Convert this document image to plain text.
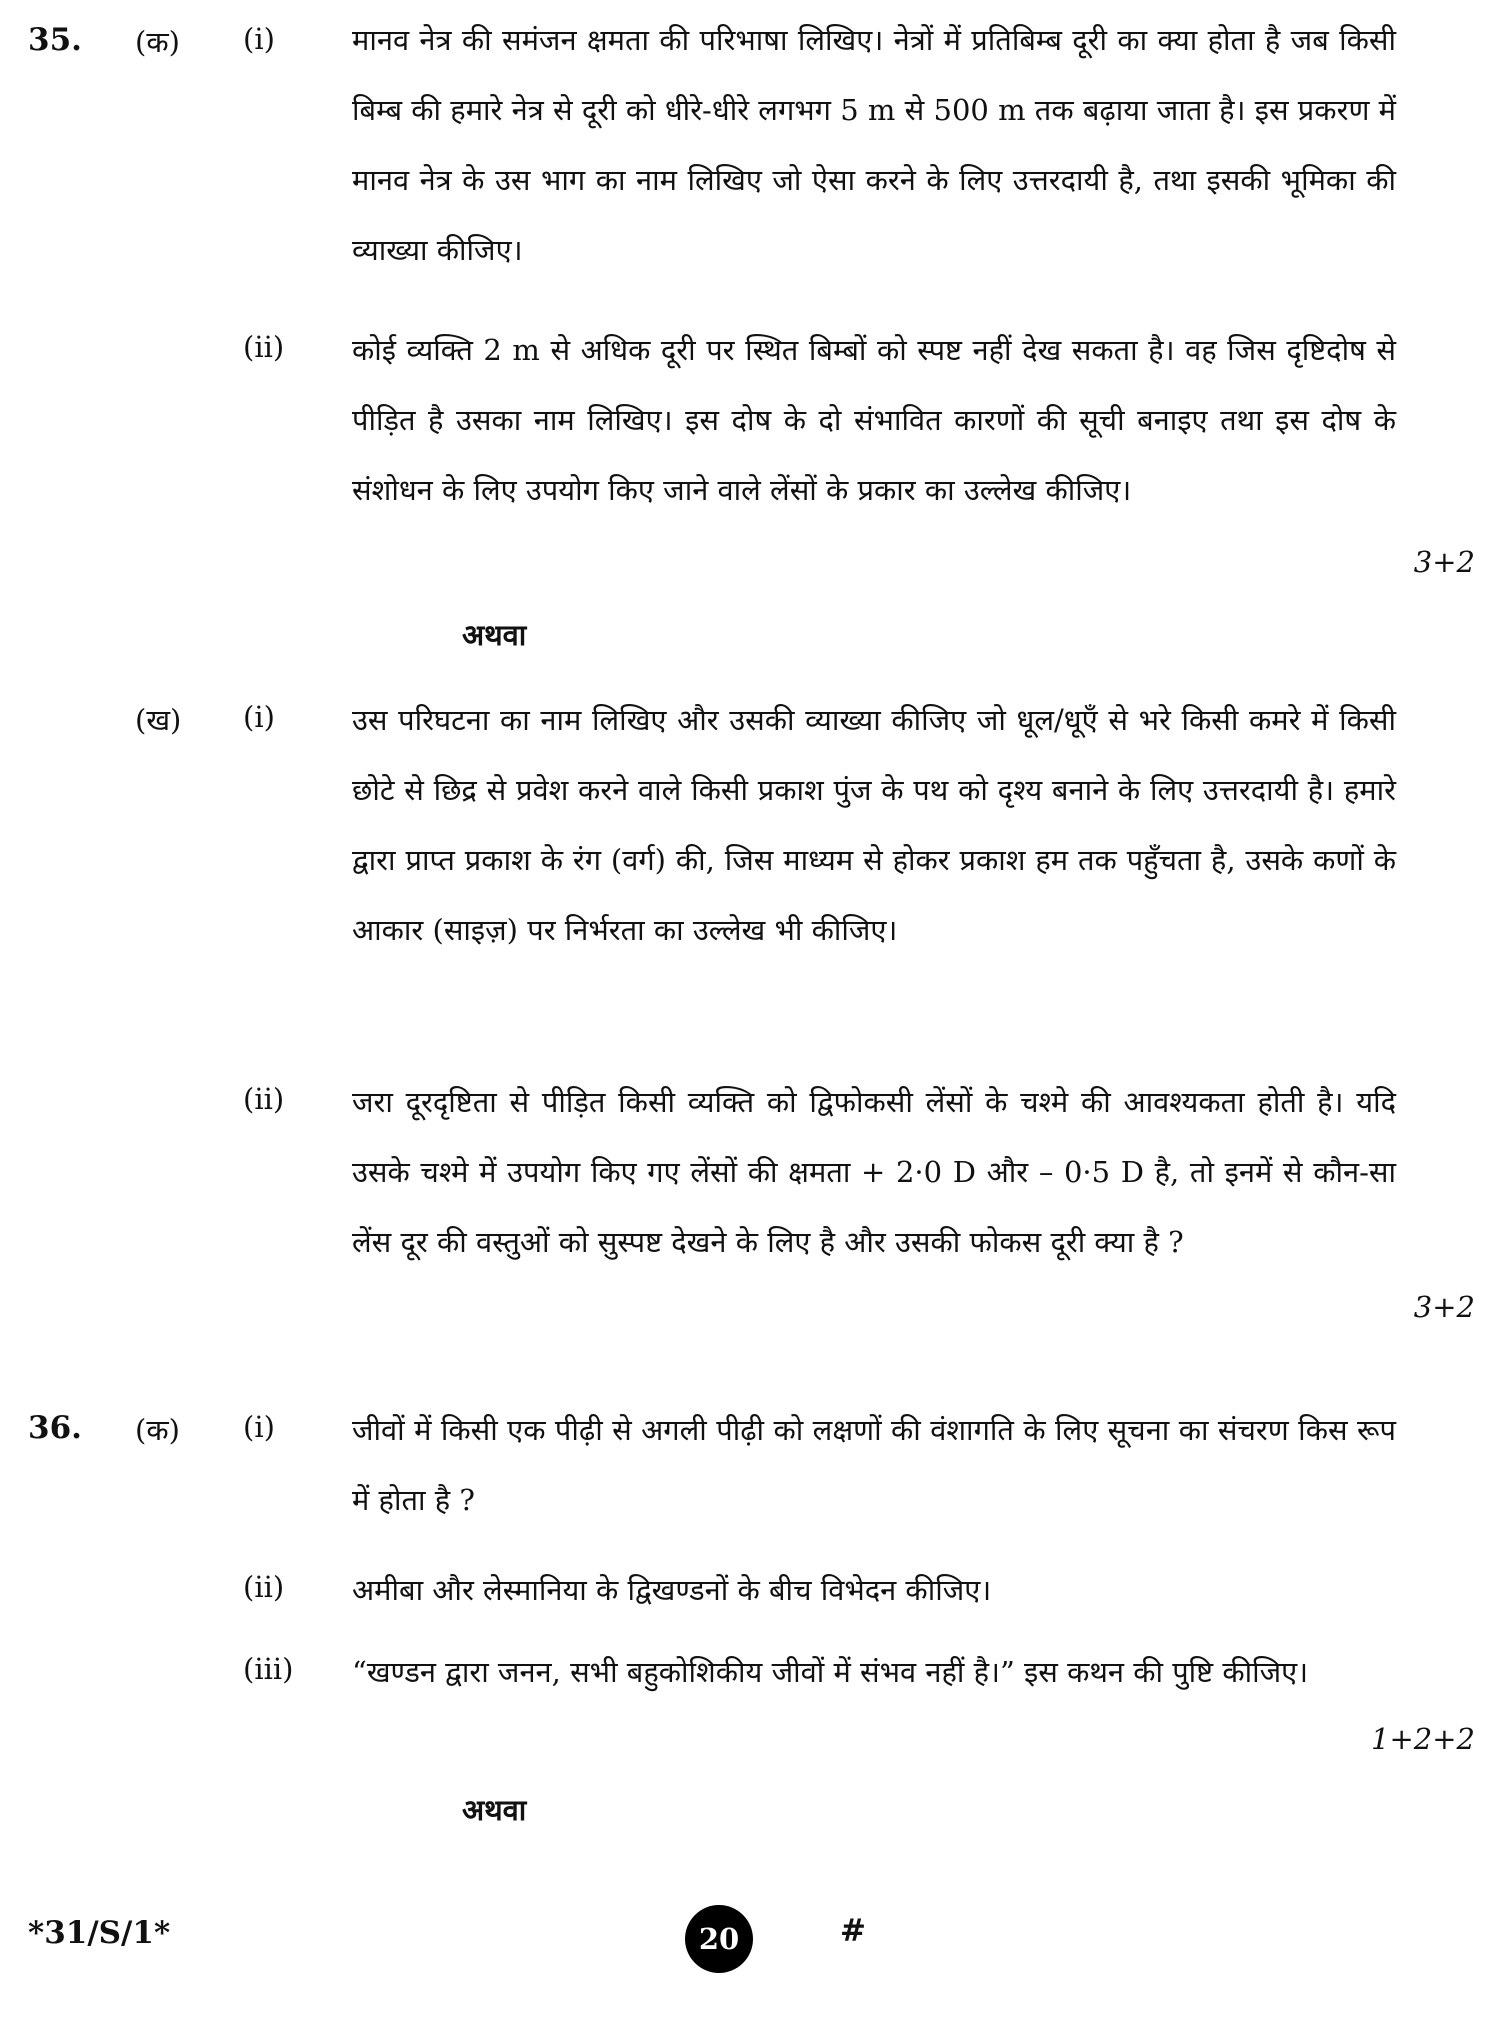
35. (क) (i)	मानव नेत्र की समंजन क्षमता की परिभाषा लिखिए। नेत्रों में प्रतिबिम्ब दूरी का क्या होता है जब किसी बिम्ब की हमारे नेत्र से दूरी को धीरे-धीरे लगभग 5 m से 500 m तक बढ़ाया जाता है। इस प्रकरण में मानव नेत्र के उस भाग का नाम लिखिए जो ऐसा करने के लिए उत्तरदायी है, तथा इसकी भूमिका की व्याख्या कीजिए।

(ii) कोई व्यक्ति 2 m से अधिक दूरी पर स्थित बिम्बों को स्पष्ट नहीं देख सकता है। वह जिस दृष्टिदोष से पीड़ित है उसका नाम लिखिए। इस दोष के दो संभावित कारणों की सूची बनाइए तथा इस दोष के संशोधन के लिए उपयोग किए जाने वाले लेंसों के प्रकार का उल्लेख कीजिए।

3+2
अथवा
(ख) (i)	उस परिघटना का नाम लिखिए और उसकी व्याख्या कीजिए जो धूल/धूएँ से भरे किसी कमरे में किसी छोटे से छिद्र से प्रवेश करने वाले किसी प्रकाश पुंज के पथ को दृश्य बनाने के लिए उत्तरदायी है। हमारे द्वारा प्राप्त प्रकाश के रंग (वर्ग) की, जिस माध्यम से होकर प्रकाश हम तक पहुँचता है, उसके कणों के आकार (साइज़) पर निर्भरता का उल्लेख भी कीजिए।

(ii) जरा दूरदृष्टिता से पीड़ित किसी व्यक्ति को द्विफोकसी लेंसों के चश्मे की आवश्यकता होती है। यदि उसके चश्मे में उपयोग किए गए लेंसों की क्षमता + 2·0 D और – 0·5 D है, तो इनमें से कौन-सा लेंस दूर की वस्तुओं को सुस्पष्ट देखने के लिए है और उसकी फोकस दूरी क्या है ?

3+2
36. (क) (i)	जीवों में किसी एक पीढ़ी से अगली पीढ़ी को लक्षणों की वंशागति के लिए सूचना का संचरण किस रूप में होता है ?

(ii) अमीबा और लेस्मानिया के द्विखण्डनों के बीच विभेदन कीजिए।

(iii) “खण्डन द्वारा जनन, सभी बहुकोशिकीय जीवों में संभव नहीं है।” इस कथन की पुष्टि कीजिए।

1+2+2
अथवा
*31/S/1*	20	#
